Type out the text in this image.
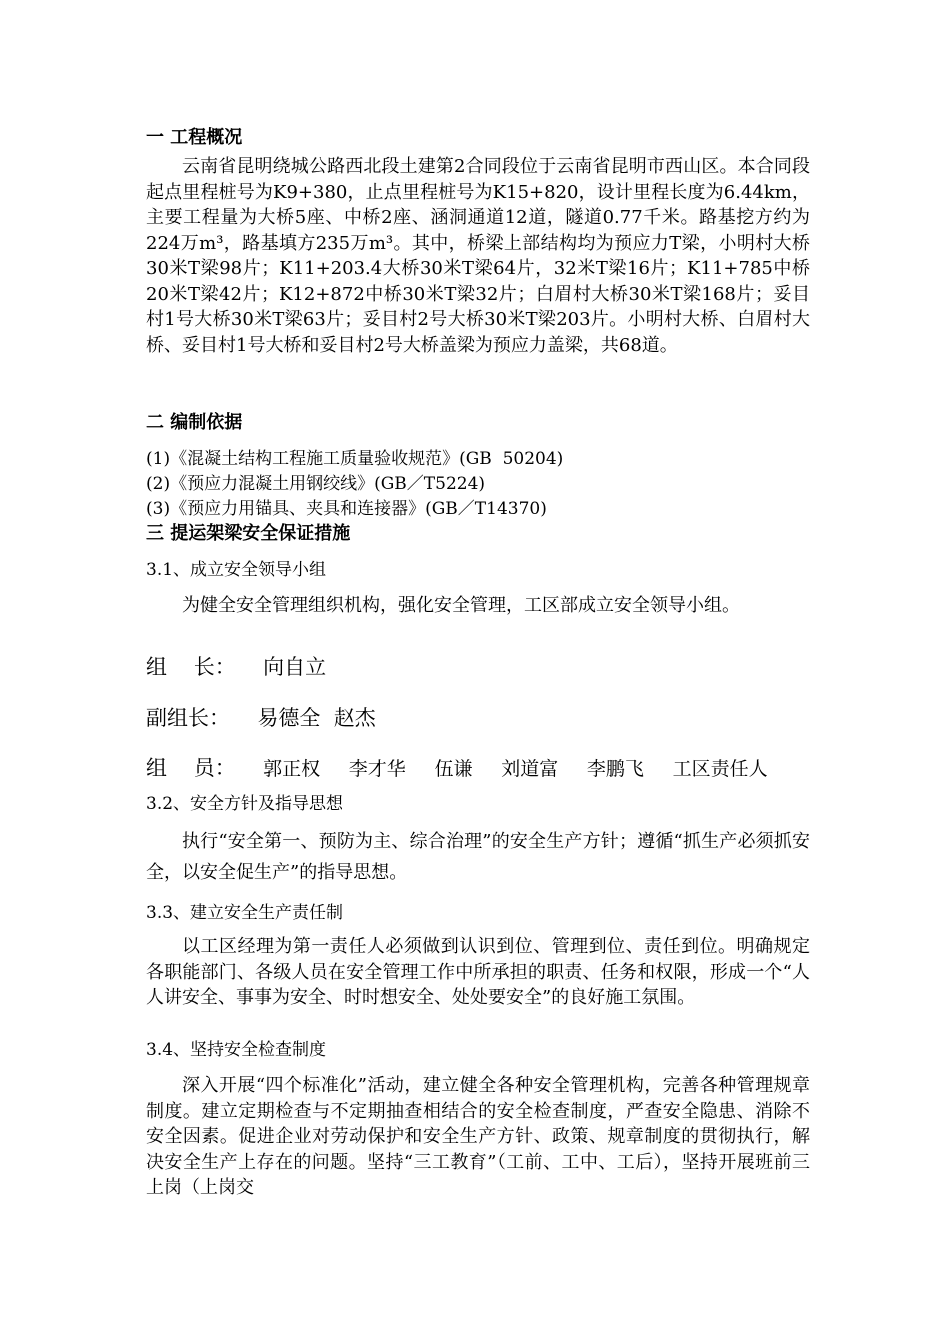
一 工程概况
云南省昆明绕城公路西北段土建第2合同段位于云南省昆明市西山区。本合同段起点里程桩号为K9+380，止点里程桩号为K15+820，设计里程长度为6.44km，主要工程量为大桥5座、中桥2座、涵洞通道12道，隧道0.77千米。路基挖方约为224万m³，路基填方235万m³。其中，桥梁上部结构均为预应力T梁，小明村大桥30米T梁98片；K11+203.4大桥30米T梁64片，32米T梁16片；K11+785中桥20米T梁42片；K12+872中桥30米T梁32片；白眉村大桥30米T梁168片；妥目村1号大桥30米T梁63片；妥目村2号大桥30米T梁203片。小明村大桥、白眉村大桥、妥目村1号大桥和妥目村2号大桥盖梁为预应力盖梁，共68道。
二 编制依据
(1)《混凝土结构工程施工质量验收规范》(GB  50204)
(2)《预应力混凝土用钢绞线》(GB／T5224)
(3)《预应力用锚具、夹具和连接器》(GB／T14370)
三 提运架梁安全保证措施
3.1、成立安全领导小组
为健全安全管理组织机构，强化安全管理，工区部成立安全领导小组。
组    长： 向自立
副组长： 易德全  赵杰
组    员： 郭正权 李才华 伍谦 刘道富 李鹏飞 工区责任人
3.2、安全方针及指导思想
执行“安全第一、预防为主、综合治理”的安全生产方针；遵循“抓生产必须抓安全，以安全促生产”的指导思想。
3.3、建立安全生产责任制
以工区经理为第一责任人必须做到认识到位、管理到位、责任到位。明确规定各职能部门、各级人员在安全管理工作中所承担的职责、任务和权限，形成一个“人人讲安全、事事为安全、时时想安全、处处要安全”的良好施工氛围。
3.4、坚持安全检查制度
深入开展“四个标准化”活动，建立健全各种安全管理机构，完善各种管理规章制度。建立定期检查与不定期抽查相结合的安全检查制度，严查安全隐患、消除不安全因素。促进企业对劳动保护和安全生产方针、政策、规章制度的贯彻执行，解决安全生产上存在的问题。坚持“三工教育”（工前、工中、工后），坚持开展班前三上岗（上岗交
